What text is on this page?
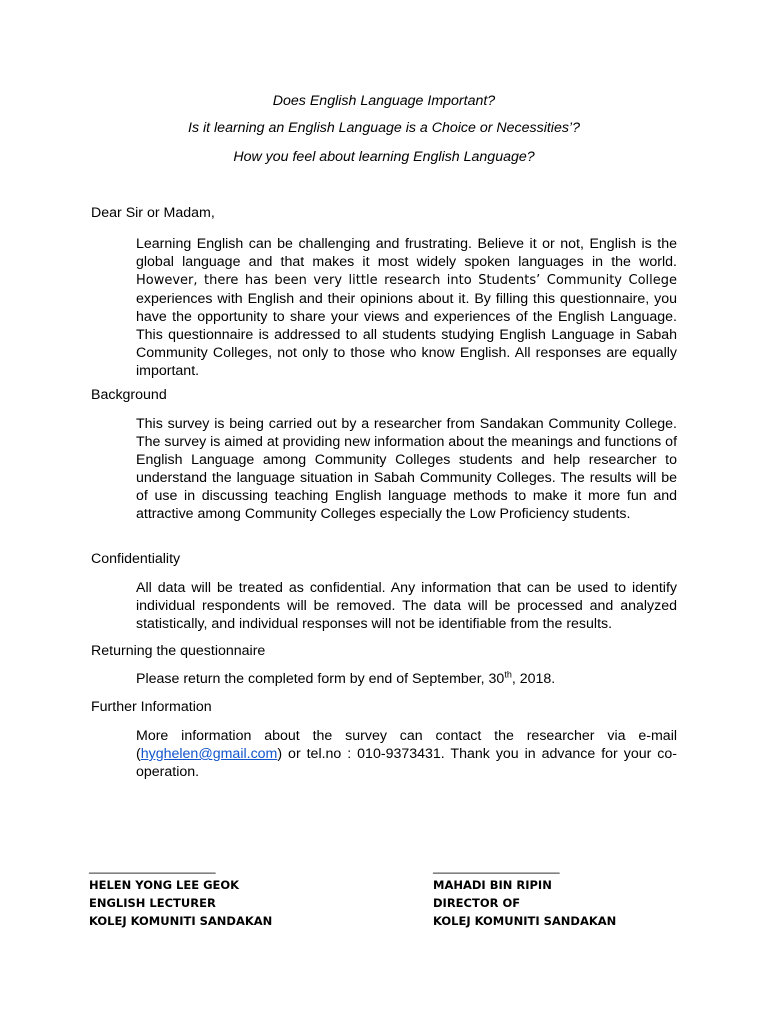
Does English Language Important?
Is it learning an English Language is a Choice or Necessities’?
How you feel about learning English Language?
Dear Sir or Madam,
Learning English can be challenging and frustrating. Believe it or not, English is the global language and that makes it most widely spoken languages in the world. However, there has been very little research into Students’ Community College experiences with English and their opinions about it. By filling this questionnaire, you have the opportunity to share your views and experiences of the English Language. This questionnaire is addressed to all students studying English Language in Sabah Community Colleges, not only to those who know English. All responses are equally important.
Background
This survey is being carried out by a researcher from Sandakan Community College. The survey is aimed at providing new information about the meanings and functions of English Language among Community Colleges students and help researcher to understand the language situation in Sabah Community Colleges. The results will be of use in discussing teaching English language methods to make it more fun and attractive among Community Colleges especially the Low Proficiency students.
Confidentiality
All data will be treated as confidential. Any information that can be used to identify individual respondents will be removed. The data will be processed and analyzed statistically, and individual responses will not be identifiable from the results.
Returning the questionnaire
Please return the completed form by end of September, 30th, 2018.
Further Information
More information about the survey can contact the researcher via e-mail (hyghelen@gmail.com) or tel.no : 010-9373431. Thank you in advance for your co-operation.
______________________
HELEN YONG LEE GEOK
ENGLISH LECTURER
KOLEJ KOMUNITI SANDAKAN
______________________
MAHADI BIN RIPIN
DIRECTOR OF
KOLEJ KOMUNITI SANDAKAN
